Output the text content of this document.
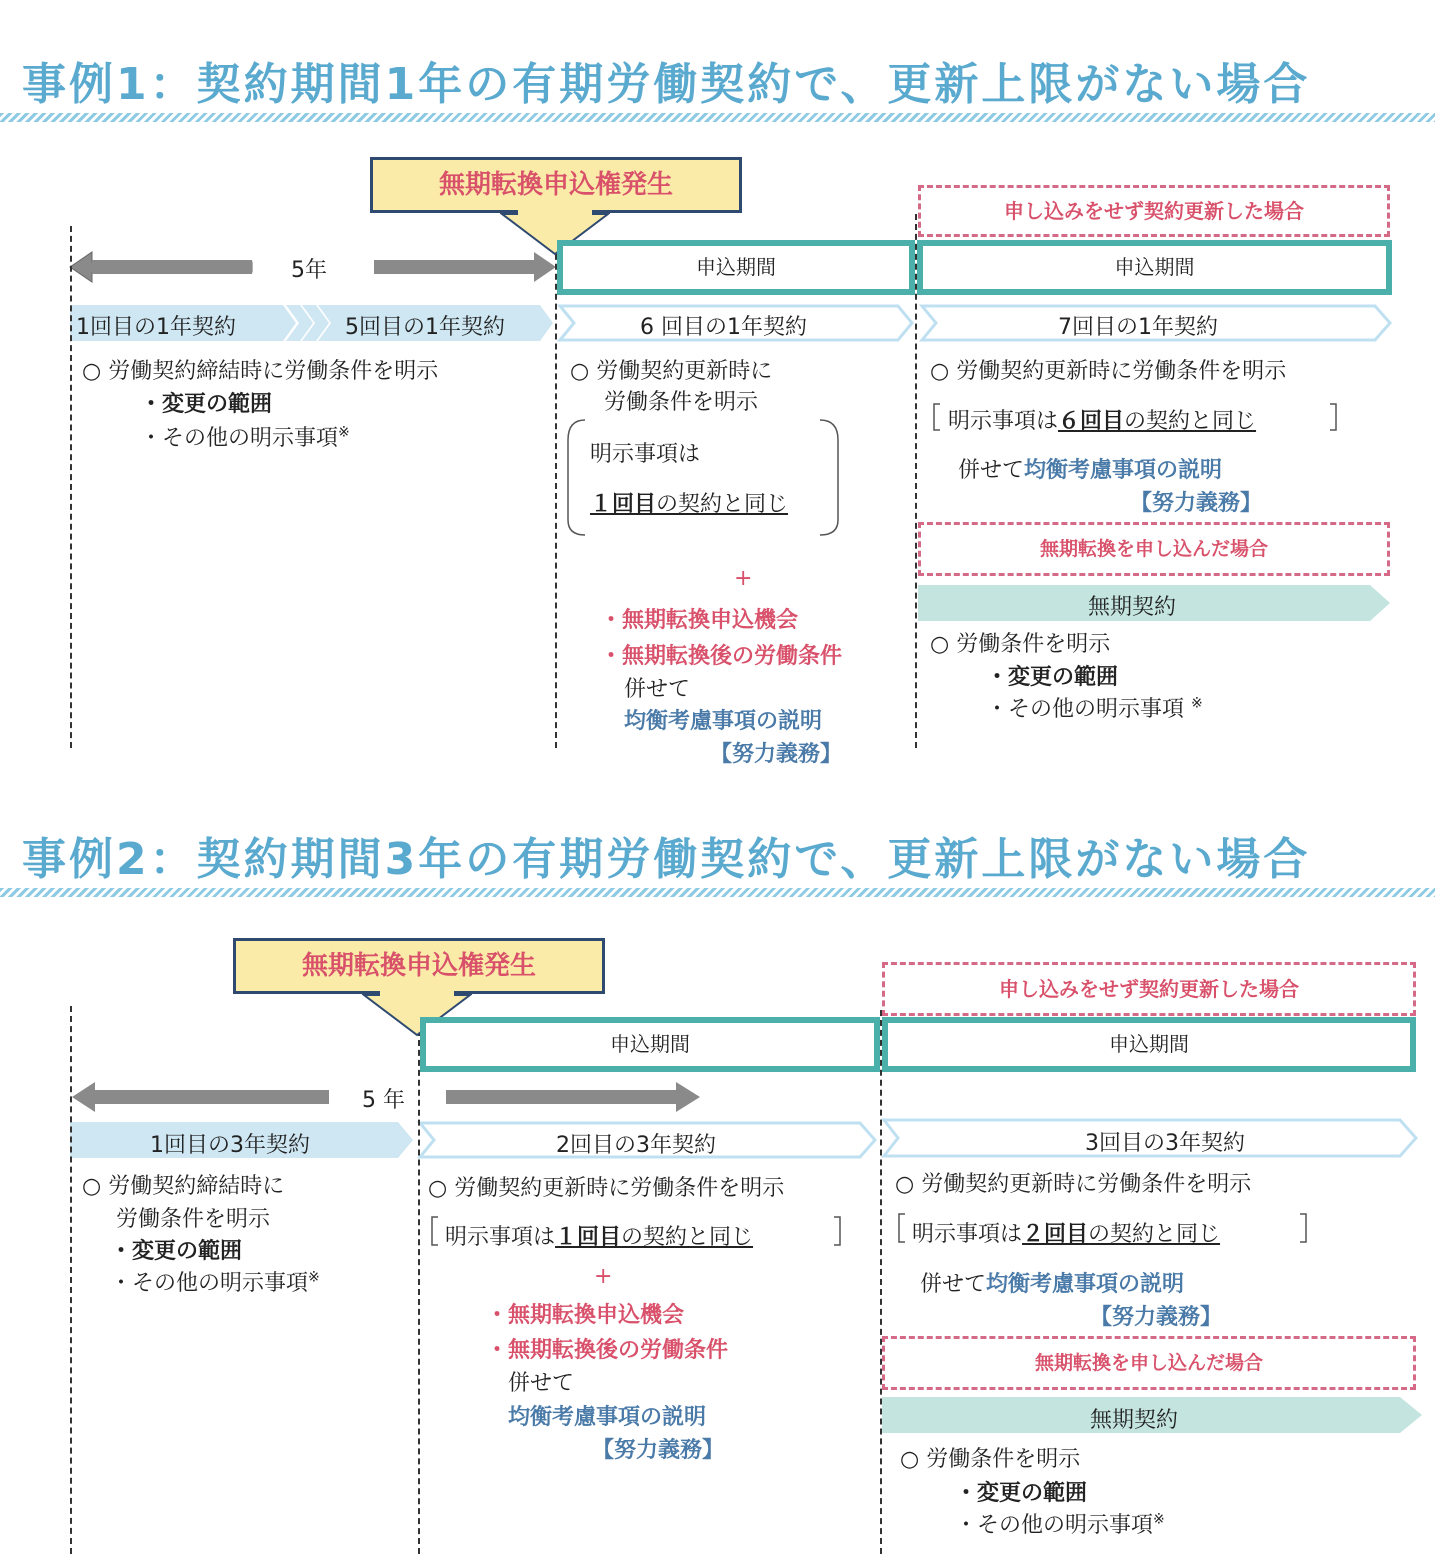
事例1：契約期間1年の有期労働契約で、更新上限がない場合
無期転換申込権発生
5年
申し込みをせず契約更新した場合
申込期間	申込期間
1回目の1年契約	5回目の1年契約	6 回目の1年契約	7回目の1年契約
○ 労働契約締結時に労働条件を明示
・変更の範囲
・その他の明示事項※
○ 労働契約更新時に
労働条件を明示
明示事項は
１回目の契約と同じ
+
・無期転換申込機会
・無期転換後の労働条件
併せて
均衡考慮事項の説明
【努力義務】
○ 労働契約更新時に労働条件を明示
明示事項は６回目の契約と同じ
併せて均衡考慮事項の説明
【努力義務】
無期転換を申し込んだ場合
無期契約
○ 労働条件を明示
・変更の範囲
・その他の明示事項 ※
事例2：契約期間3年の有期労働契約で、更新上限がない場合
無期転換申込権発生
申し込みをせず契約更新した場合
申込期間	申込期間
5 年
1回目の3年契約	2回目の3年契約	3回目の3年契約
○ 労働契約締結時に
労働条件を明示
・変更の範囲
・その他の明示事項※
○ 労働契約更新時に労働条件を明示
明示事項は１回目の契約と同じ
+
・無期転換申込機会
・無期転換後の労働条件
併せて
均衡考慮事項の説明
【努力義務】
○ 労働契約更新時に労働条件を明示
明示事項は２回目の契約と同じ
併せて均衡考慮事項の説明
【努力義務】
無期転換を申し込んだ場合
無期契約
○ 労働条件を明示
・変更の範囲
・その他の明示事項※
